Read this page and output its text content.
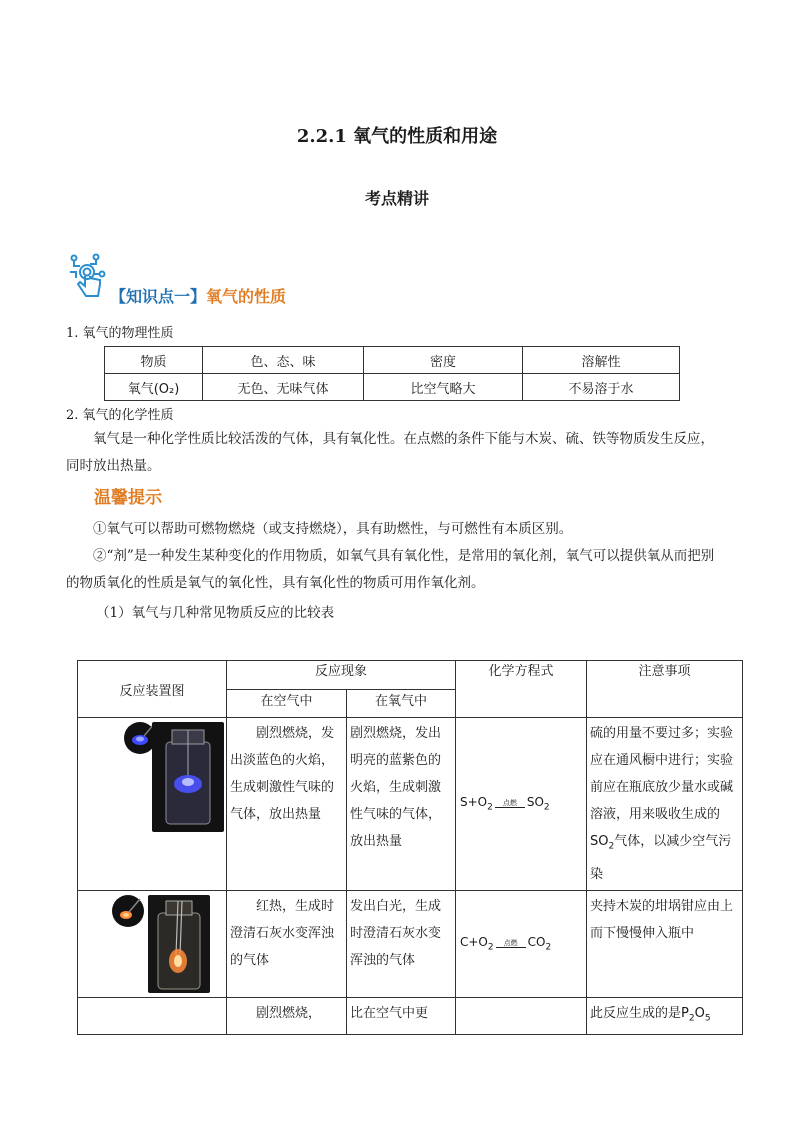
2.2.1 氧气的性质和用途
考点精讲
【知识点一】氧气的性质
1. 氧气的物理性质
物质	色、态、味	密度	溶解性
氧气(O₂)	无色、无味气体	比空气略大	不易溶于水
2. 氧气的化学性质
氧气是一种化学性质比较活泼的气体，具有氧化性。在点燃的条件下能与木炭、硫、铁等物质发生反应，同时放出热量。
温馨提示
①氧气可以帮助可燃物燃烧（或支持燃烧），具有助燃性，与可燃性有本质区别。
②“剂”是一种发生某种变化的作用物质，如氧气具有氧化性，是常用的氧化剂，氧气可以提供氧从而把别的物质氧化的性质是氧气的氧化性，具有氧化性的物质可用作氧化剂。
（1）氧气与几种常见物质反应的比较表
反应装置图	反应现象		化学方程式	注意事项
	在空气中	在氧气中		

	剧烈燃烧，发出淡蓝色的火焰，生成刺激性气味的气体，放出热量	剧烈燃烧，发出明亮的蓝紫色的火焰，生成刺激性气味的气体，放出热量	$S+O_2$ 点燃 $SO_2$	硫的用量不要过多；实验应在通风橱中进行；实验前应在瓶底放少量水或碱溶液，用来吸收生成的$SO_2$气体，以减少空气污染

	红热，生成时澄清石灰水变浑浊的气体	发出白光，生成时澄清石灰水变浑浊的气体	$C+O_2$ 点燃 $CO_2$	夹持木炭的坩埚钳应由上而下慢慢伸入瓶中
	剧烈燃烧，	比在空气中更		此反应生成的是$P_2O_5$
